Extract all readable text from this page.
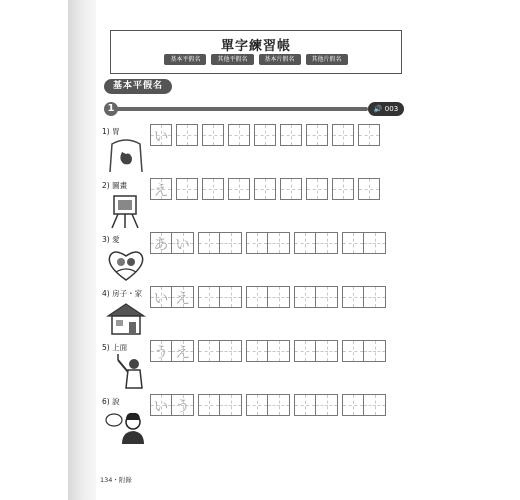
單字練習帳
基本平假名	其他平假名	基本片假名	其他片假名
基本平假名
1	🔊 003
1) 胃 い
2) 圖畫 え
3) 愛 あ い
4) 房子・家 い え
5) 上面 う え
6) 說 い う
134・附錄
